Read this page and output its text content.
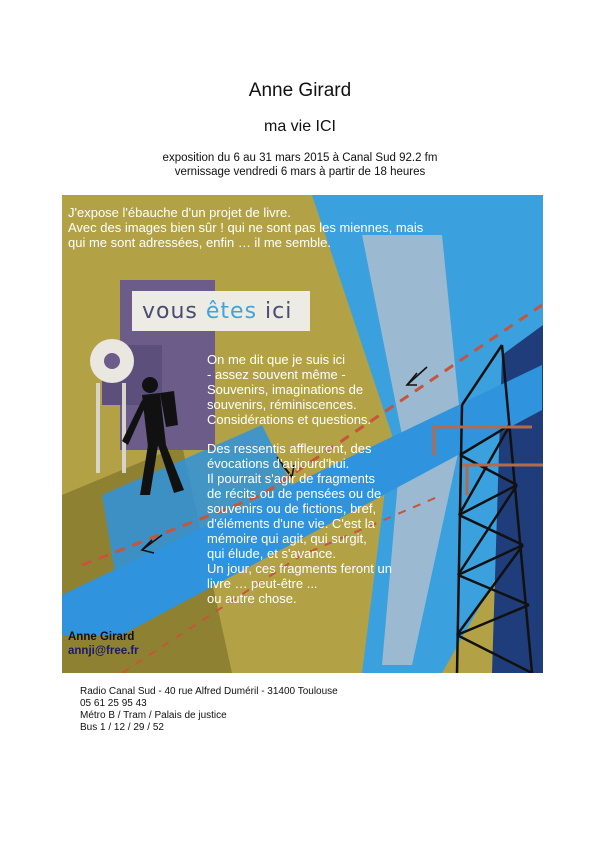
Anne Girard
ma vie ICI
exposition du 6 au 31 mars 2015 à Canal Sud 92.2 fm
vernissage vendredi 6 mars à partir de 18 heures
J'expose l'ébauche d'un projet de livre.
Avec des images bien sûr ! qui ne sont pas les miennes, mais
qui me sont adressées, enfin … il me semble.
vous êtes ici

On me dit que je suis ici
- assez souvent même -
Souvenirs, imaginations de
souvenirs, réminiscences.
Considérations et questions.

Des ressentis affleurent, des
évocations d'aujourd'hui.
Il pourrait s'agir de fragments
de récits ou de pensées ou de
souvenirs ou de fictions, bref,
d'éléments d'une vie. C'est la
mémoire qui agit, qui surgit,
qui élude, et s'avance.
Un jour, ces fragments feront un
livre … peut-être ...
ou autre chose.

Anne Girard
annji@free.fr
Radio Canal Sud - 40 rue Alfred Duméril - 31400 Toulouse
05 61 25 95 43
Métro B / Tram / Palais de justice
Bus 1 / 12 / 29 / 52
